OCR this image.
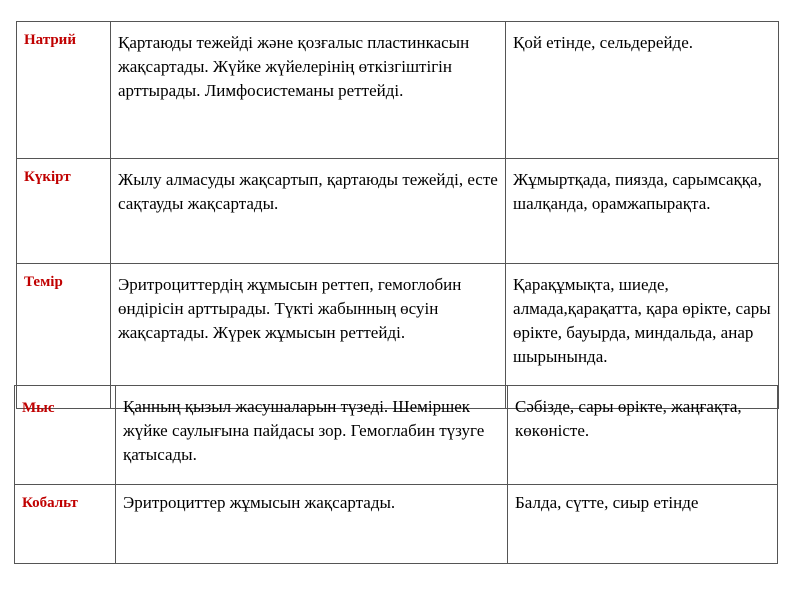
Натрий	Қартаюды тежейді және қозғалыс пластинкасын жақсартады. Жүйке жүйелерінің өткізгіштігін арттырады. Лимфосистеманы реттейді.	Қой етінде, сельдерейде.
Күкірт	Жылу алмасуды жақсартып, қартаюды тежейді, есте сақтауды жақсартады.	Жұмыртқада, пиязда, сарымсаққа, шалқанда, орамжапырақта.
Темір	Эритроциттердің жұмысын реттеп, гемоглобин өндірісін арттырады. Түкті жабынның өсуін жақсартады. Жүрек жұмысын реттейді.	Қарақұмықта, шиеде, алмада,қарақатта, қара өрікте, сары өрікте, бауырда, миндальда, анар шырынында.
Мыс	Қанның қызыл жасушаларын түзеді. Шеміршек жүйке саулығына пайдасы зор. Гемоглабин түзуге қатысады.	Сәбізде, сары өрікте, жаңғақта, көкөністе.
Кобальт	Эритроциттер жұмысын жақсартады.	Балда, сүтте, сиыр етінде
